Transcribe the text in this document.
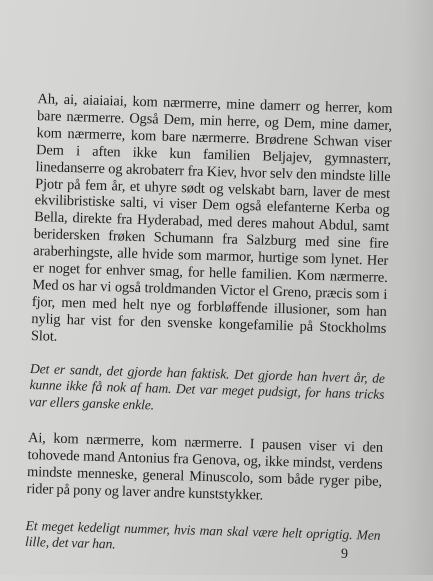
Ah, ai, aiaiaiai, kom nærmerre, mine damerr og herrer, kom bare nærmerre. Også Dem, min herre, og Dem, mine damer, kom nærmerre, kom bare nærmerre. Brødrene Schwan viser Dem i aften ikke kun familien Beljajev, gymnasterr, linedanserre og akrobaterr fra Kiev, hvor selv den mindste lille Pjotr på fem år, et uhyre sødt og velskabt barn, laver de mest ekvilibristiske salti, vi viser Dem også elefanterne Kerba og Bella, direkte fra Hyderabad, med deres mahout Abdul, samt beridersken frøken Schumann fra Salzburg med sine fire araberhingste, alle hvide som marmor, hurtige som lynet. Her er noget for enhver smag, for helle familien. Kom nærmerre. Med os har vi også troldmanden Victor el Greno, præcis som i fjor, men med helt nye og forbløffende illusioner, som han nylig har vist for den svenske kongefamilie på Stockholms Slot.

Det er sandt, det gjorde han faktisk. Det gjorde han hvert år, de kunne ikke få nok af ham. Det var meget pudsigt, for hans tricks var ellers ganske enkle.

Ai, kom nærmerre, kom nærmerre. I pausen viser vi den tohovede mand Antonius fra Genova, og, ikke mindst, verdens mindste menneske, general Minuscolo, som både ryger pibe, rider på pony og laver andre kunststykker.

Et meget kedeligt nummer, hvis man skal være helt oprigtig. Men lille, det var han.

9
